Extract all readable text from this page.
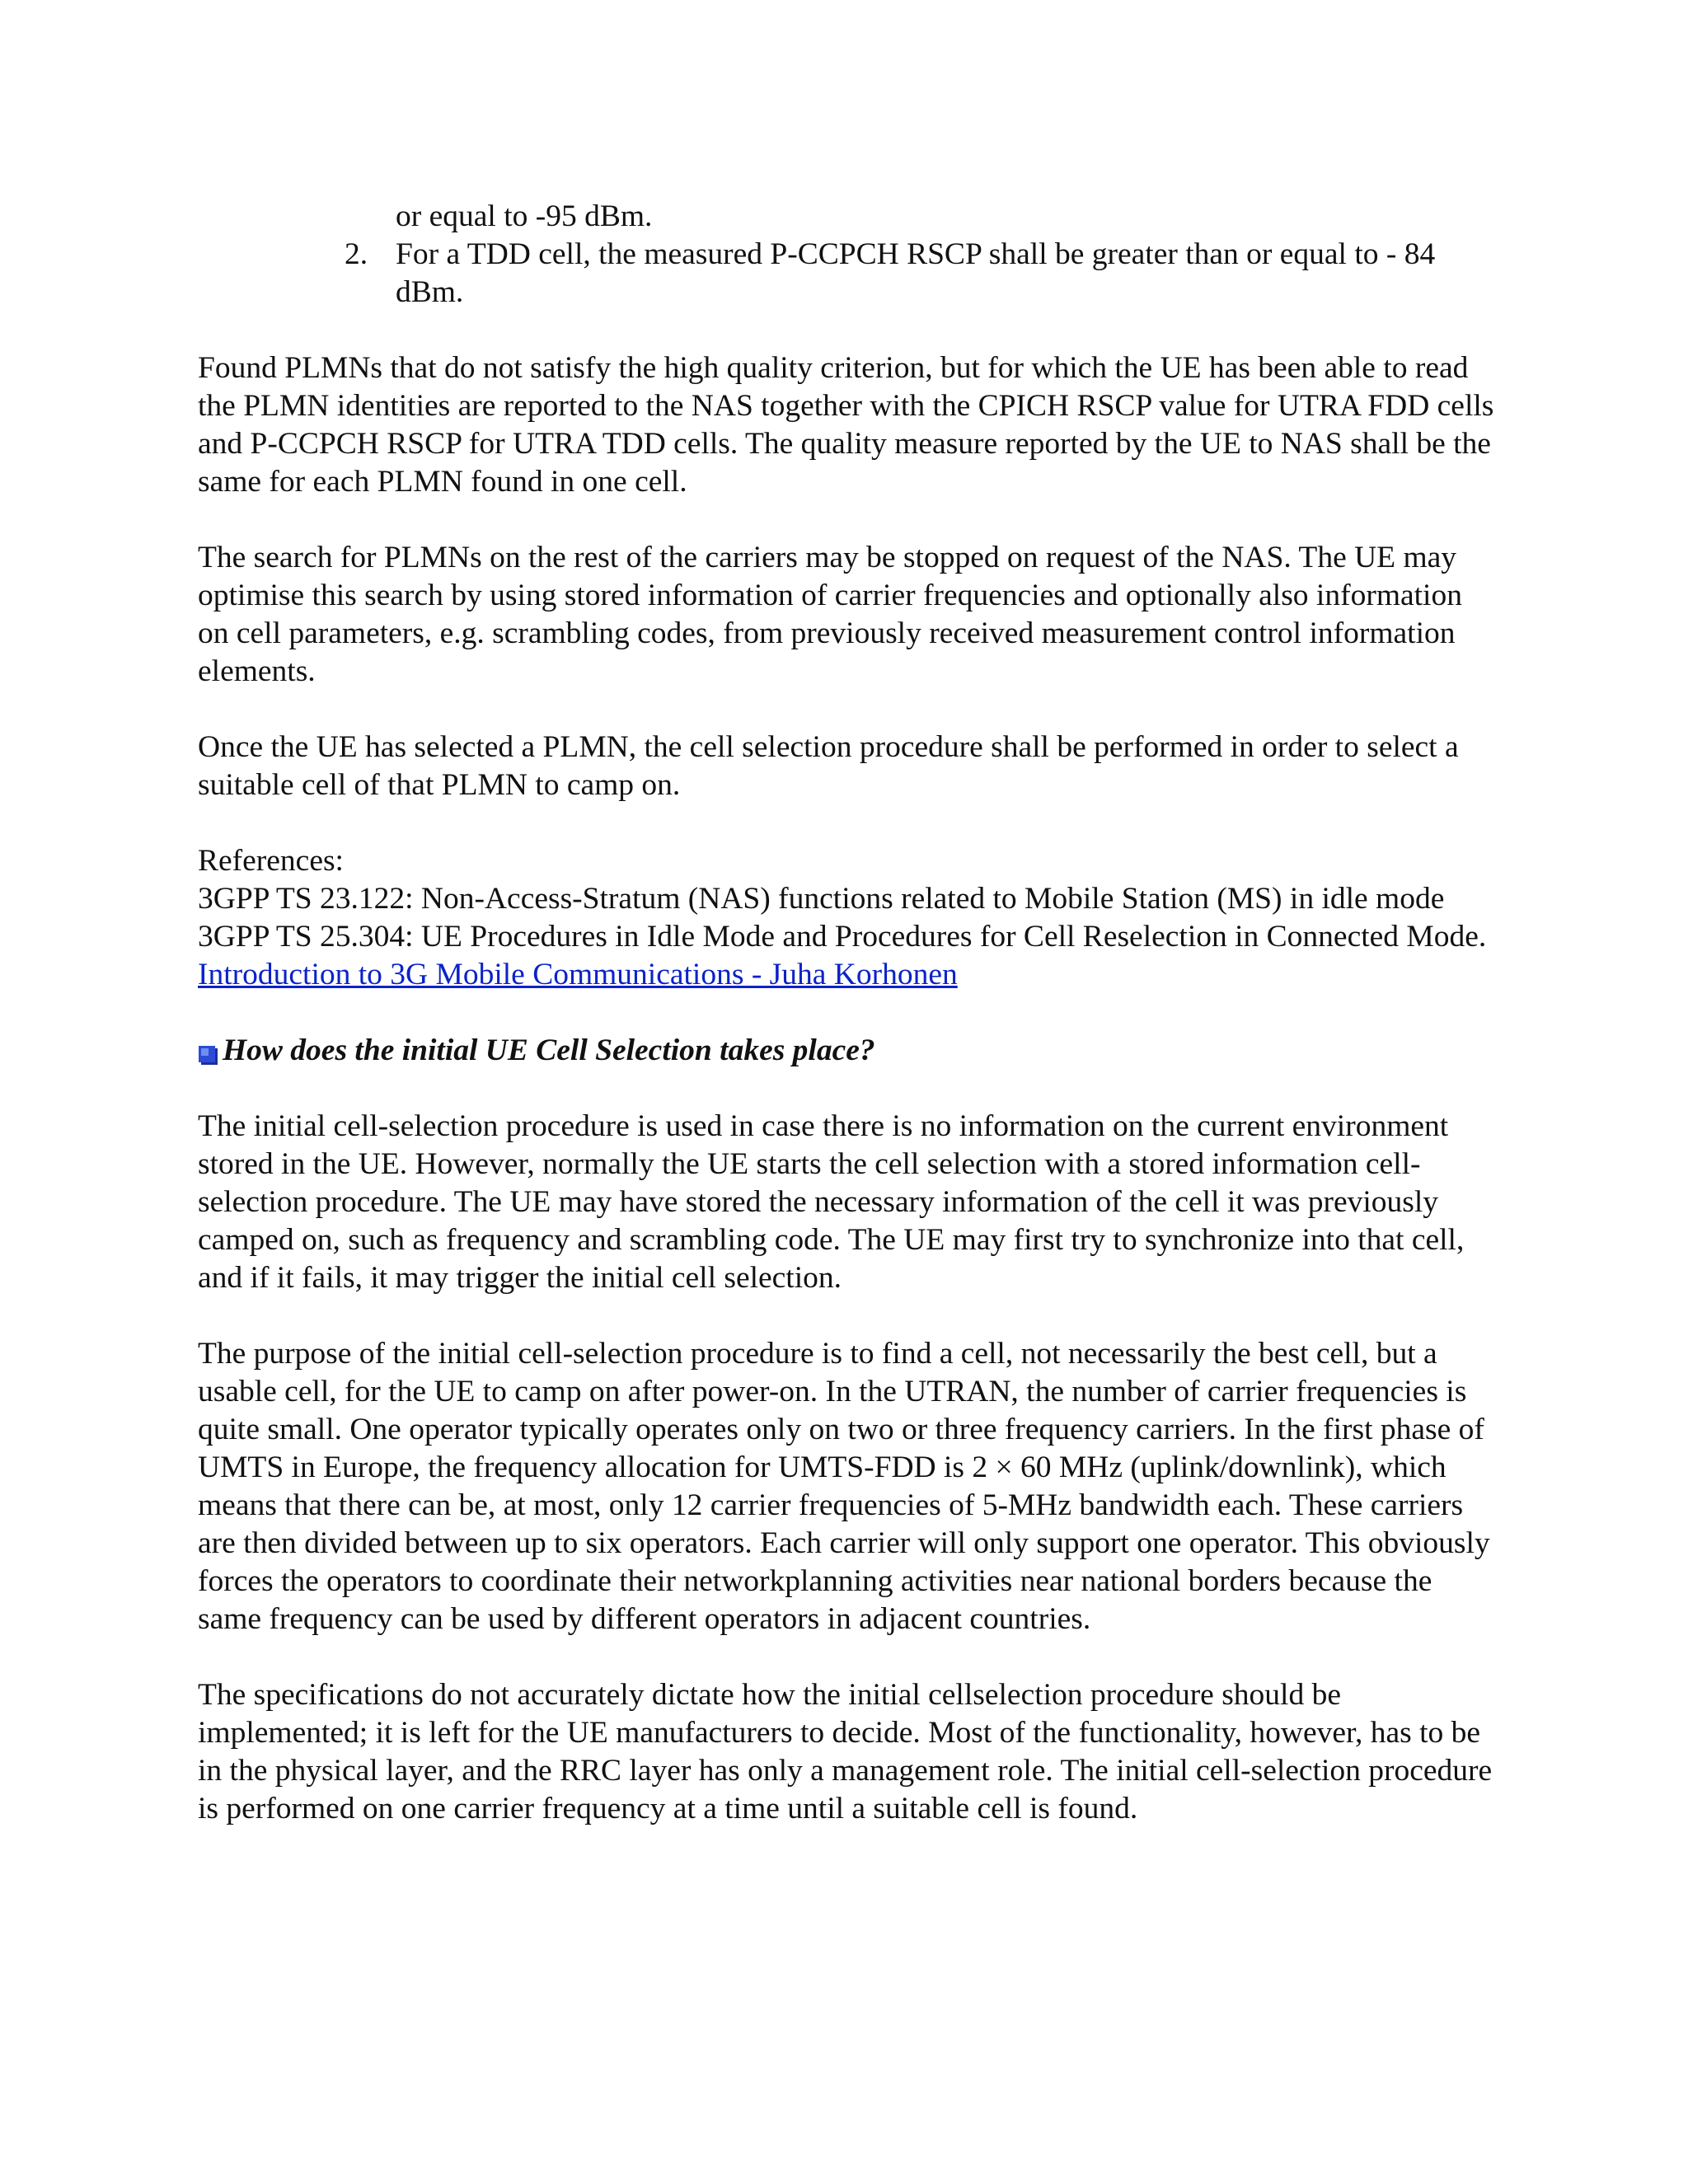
or equal to -95 dBm.
2. For a TDD cell, the measured P-CCPCH RSCP shall be greater than or equal to - 84 dBm.

Found PLMNs that do not satisfy the high quality criterion, but for which the UE has been able to read the PLMN identities are reported to the NAS together with the CPICH RSCP value for UTRA FDD cells and P-CCPCH RSCP for UTRA TDD cells. The quality measure reported by the UE to NAS shall be the same for each PLMN found in one cell.

The search for PLMNs on the rest of the carriers may be stopped on request of the NAS. The UE may optimise this search by using stored information of carrier frequencies and optionally also information on cell parameters, e.g. scrambling codes, from previously received measurement control information elements.

Once the UE has selected a PLMN, the cell selection procedure shall be performed in order to select a suitable cell of that PLMN to camp on.

References:

3GPP TS 23.122: Non-Access-Stratum (NAS) functions related to Mobile Station (MS) in idle mode

3GPP TS 25.304: UE Procedures in Idle Mode and Procedures for Cell Reselection in Connected Mode.

Introduction to 3G Mobile Communications - Juha Korhonen

How does the initial UE Cell Selection takes place?

The initial cell-selection procedure is used in case there is no information on the current environment stored in the UE. However, normally the UE starts the cell selection with a stored information cell-selection procedure. The UE may have stored the necessary information of the cell it was previously camped on, such as frequency and scrambling code. The UE may first try to synchronize into that cell, and if it fails, it may trigger the initial cell selection.

The purpose of the initial cell-selection procedure is to find a cell, not necessarily the best cell, but a usable cell, for the UE to camp on after power-on. In the UTRAN, the number of carrier frequencies is quite small. One operator typically operates only on two or three frequency carriers. In the first phase of UMTS in Europe, the frequency allocation for UMTS-FDD is 2 × 60 MHz (uplink/downlink), which means that there can be, at most, only 12 carrier frequencies of 5-MHz bandwidth each. These carriers are then divided between up to six operators. Each carrier will only support one operator. This obviously forces the operators to coordinate their networkplanning activities near national borders because the same frequency can be used by different operators in adjacent countries.

The specifications do not accurately dictate how the initial cellselection procedure should be implemented; it is left for the UE manufacturers to decide. Most of the functionality, however, has to be in the physical layer, and the RRC layer has only a management role. The initial cell-selection procedure is performed on one carrier frequency at a time until a suitable cell is found.
